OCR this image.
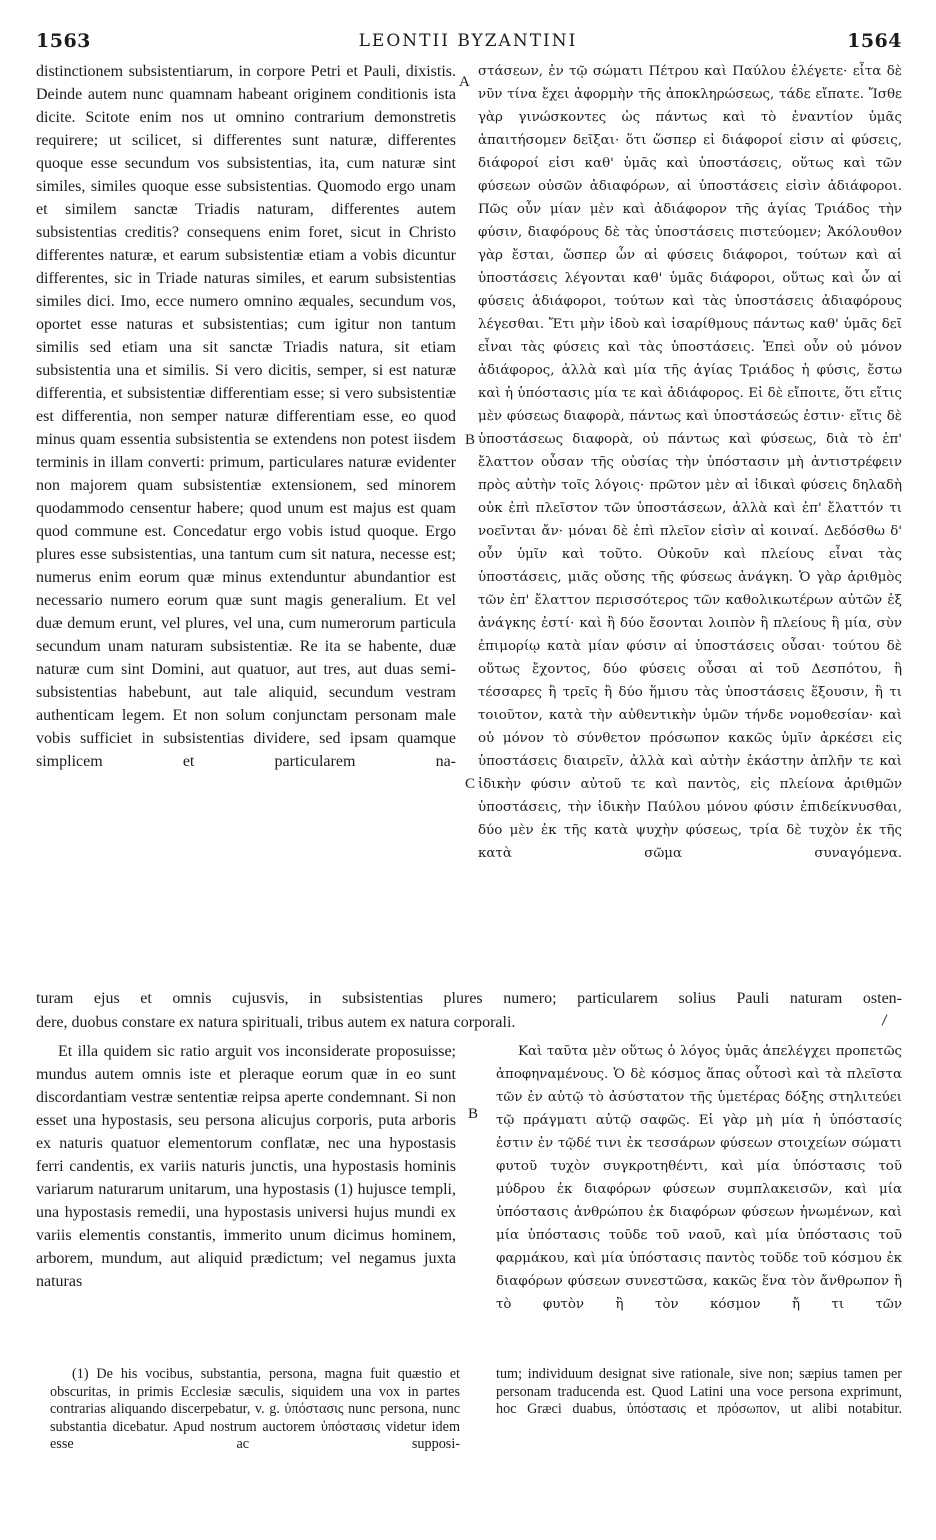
1563	LEONTII BYZANTINI	1564

distinctionem subsistentiarum, in corpore Petri et Pauli, dixistis. Deinde autem nunc quamnam habeant originem conditionis ista dicite. Scitote enim nos ut omnino contrarium demonstretis requirere; ut scilicet, si differentes sunt naturæ, differentes quoque esse secundum vos subsistentias, ita, cum naturæ sint similes, similes quoque esse subsistentias. Quomodo ergo unam et similem sanctæ Triadis naturam, differentes autem subsistentias creditis? consequens enim foret, sicut in Christo differentes naturæ, et earum subsistentiæ etiam a vobis dicuntur differentes, sic in Triade naturas similes, et earum subsistentias similes dici. Imo, ecce numero omnino æquales, secundum vos, oportet esse naturas et subsistentias; cum igitur non tantum similis sed etiam una sit sanctæ Triadis natura, sit etiam subsistentia una et similis. Si vero dicitis, semper, si est naturæ differentia, et subsistentiæ differentiam esse; si vero subsistentiæ est differentia, non semper naturæ differentiam esse, eo quod minus quam essentia subsistentia se extendens non potest iisdem terminis in illam converti: primum, particulares naturæ evidenter non majorem quam subsistentiæ extensionem, sed minorem quodammodo censentur habere; quod unum est majus est quam quod commune est. Concedatur ergo vobis istud quoque. Ergo plures esse subsistentias, una tantum cum sit natura, necesse est; numerus enim eorum quæ minus extenduntur abundantior est necessario numero eorum quæ sunt magis generalium. Et vel duæ demum erunt, vel plures, vel una, cum numerorum particula secundum unam naturam subsistentiæ. Re ita se habente, duæ naturæ cum sint Domini, aut quatuor, aut tres, aut duas semi-subsistentias habebunt, aut tale aliquid, secundum vestram authenticam legem. Et non solum conjunctam personam male vobis sufficiet in subsistentias dividere, sed ipsam quamque simplicem et particularem na-

στάσεων, ἐν τῷ σώματι Πέτρου καὶ Παύλου ἐλέγετε· εἶτα δὲ νῦν τίνα ἔχει ἀφορμὴν τῆς ἀποκληρώσεως, τάδε εἴπατε. Ἴσθε γὰρ γινώσκοντες ὡς πάντως καὶ τὸ ἐναντίον ὑμᾶς ἀπαιτήσομεν δεῖξαι· ὅτι ὥσπερ εἰ διάφοροί εἰσιν αἱ φύσεις, διάφοροί εἰσι καθ' ὑμᾶς καὶ ὑποστάσεις, οὕτως καὶ τῶν φύσεων οὐσῶν ἀδιαφόρων, αἱ ὑποστάσεις εἰσὶν ἀδιάφοροι. Πῶς οὖν μίαν μὲν καὶ ἀδιάφορον τῆς ἁγίας Τριάδος τὴν φύσιν, διαφόρους δὲ τὰς ὑποστάσεις πιστεύομεν; Ἀκόλουθον γὰρ ἔσται, ὥσπερ ὧν αἱ φύσεις διάφοροι, τούτων καὶ αἱ ὑποστάσεις λέγονται καθ' ὑμᾶς διάφοροι, οὕτως καὶ ὧν αἱ φύσεις ἀδιάφοροι, τούτων καὶ τὰς ὑποστάσεις ἀδιαφόρους λέγεσθαι. Ἔτι μὴν ἰδοὺ καὶ ἰσαρίθμους πάντως καθ' ὑμᾶς δεῖ εἶναι τὰς φύσεις καὶ τὰς ὑποστάσεις. Ἐπεὶ οὖν οὐ μόνον ἀδιάφορος, ἀλλὰ καὶ μία τῆς ἁγίας Τριάδος ἡ φύσις, ἔστω καὶ ἡ ὑπόστασις μία τε καὶ ἀδιάφορος. Εἰ δὲ εἴποιτε, ὅτι εἴτις μὲν φύσεως διαφορὰ, πάντως καὶ ὑποστάσεώς ἐστιν· εἴτις δὲ ὑποστάσεως διαφορὰ, οὐ πάντως καὶ φύσεως, διὰ τὸ ἐπ' ἔλαττον οὖσαν τῆς οὐσίας τὴν ὑπόστασιν μὴ ἀντιστρέφειν πρὸς αὐτὴν τοῖς λόγοις· πρῶτον μὲν αἱ ἰδικαὶ φύσεις δηλαδὴ οὐκ ἐπὶ πλεῖστον τῶν ὑποστάσεων, ἀλλὰ καὶ ἐπ' ἔλαττόν τι νοεῖνται ἄν· μόναι δὲ ἐπὶ πλεῖον εἰσὶν αἱ κοιναί. Δεδόσθω δ' οὖν ὑμῖν καὶ τοῦτο. Οὐκοῦν καὶ πλείους εἶναι τὰς ὑποστάσεις, μιᾶς οὔσης τῆς φύσεως ἀνάγκη. Ὁ γὰρ ἀριθμὸς τῶν ἐπ' ἔλαττον περισσότερος τῶν καθολικωτέρων αὐτῶν ἐξ ἀνάγκης ἐστί· καὶ ἢ δύο ἔσονται λοιπὸν ἢ πλείους ἢ μία, σὺν ἐπιμορίῳ κατὰ μίαν φύσιν αἱ ὑποστάσεις οὖσαι· τούτου δὲ οὕτως ἔχοντος, δύο φύσεις οὖσαι αἱ τοῦ Δεσπότου, ἢ τέσσαρες ἢ τρεῖς ἢ δύο ἥμισυ τὰς ὑποστάσεις ἕξουσιν, ἢ τι τοιοῦτον, κατὰ τὴν αὐθεντικὴν ὑμῶν τήνδε νομοθεσίαν· καὶ οὐ μόνον τὸ σύνθετον πρόσωπον κακῶς ὑμῖν ἀρκέσει εἰς ὑποστάσεις διαιρεῖν, ἀλλὰ καὶ αὐτὴν ἑκάστην ἁπλῆν τε καὶ ἰδικὴν φύσιν αὐτοῦ τε καὶ παντὸς, εἰς πλείονα ἀριθμῶν ὑποστάσεις, τὴν ἰδικὴν Παύλου μόνου φύσιν ἐπιδείκνυσθαι, δύο μὲν ἐκ τῆς κατὰ ψυχὴν φύσεως, τρία δὲ τυχὸν ἐκ τῆς κατὰ σῶμα συναγόμενα.

A
B
C

turam ejus et omnis cujusvis, in subsistentias plures numero; particularem solius Pauli naturam osten-

dere, duobus constare ex natura spirituali, tribus autem ex natura corporali.

Et illa quidem sic ratio arguit vos inconsiderate proposuisse; mundus autem omnis iste et pleraque eorum quæ in eo sunt discordantiam vestræ sententiæ reipsa aperte condemnant. Si non esset una hypostasis, seu persona alicujus corporis, puta arboris ex naturis quatuor elementorum conflatæ, nec una hypostasis ferri candentis, ex variis naturis junctis, una hypostasis hominis variarum naturarum unitarum, una hypostasis (1) hujusce templi, una hypostasis remedii, una hypostasis universi hujus mundi ex variis elementis constantis, immerito unum dicimus hominem, arborem, mundum, aut aliquid prædictum; vel negamus juxta naturas

Καὶ ταῦτα μὲν οὕτως ὁ λόγος ὑμᾶς ἀπελέγχει προπετῶς ἀποφηναμένους. Ὁ δὲ κόσμος ἅπας οὗτοσὶ καὶ τὰ πλεῖστα τῶν ἐν αὐτῷ τὸ ἀσύστατον τῆς ὑμετέρας δόξης στηλιτεύει τῷ πράγματι αὐτῷ σαφῶς. Εἰ γὰρ μὴ μία ἡ ὑπόστασίς ἐστιν ἐν τῷδέ τινι ἐκ τεσσάρων φύσεων στοιχείων σώματι φυτοῦ τυχὸν συγκροτηθέντι, καὶ μία ὑπόστασις τοῦ μύδρου ἐκ διαφόρων φύσεων συμπλακεισῶν, καὶ μία ὑπόστασις ἀνθρώπου ἐκ διαφόρων φύσεων ἡνωμένων, καὶ μία ὑπόστασις τοῦδε τοῦ ναοῦ, καὶ μία ὑπόστασις τοῦ φαρμάκου, καὶ μία ὑπόστασις παντὸς τοῦδε τοῦ κόσμου ἐκ διαφόρων φύσεων συνεστῶσα, κακῶς ἕνα τὸν ἄνθρωπον ἢ τὸ φυτὸν ἢ τὸν κόσμον ἤ τι τῶν

B

(1) De his vocibus, substantia, persona, magna fuit quæstio et obscuritas, in primis Ecclesiæ sæculis, siquidem una vox in partes contrarias aliquando discerpebatur, v. g. ὑπόστασις nunc persona, nunc substantia dicebatur. Apud nostrum auctorem ὑπόστασις videtur idem esse ac supposi-

tum; individuum designat sive rationale, sive non; sæpius tamen per personam traducenda est. Quod Latini una voce persona exprimunt, hoc Græci duabus, ὑπόστασις et πρόσωπον, ut alibi notabitur.
